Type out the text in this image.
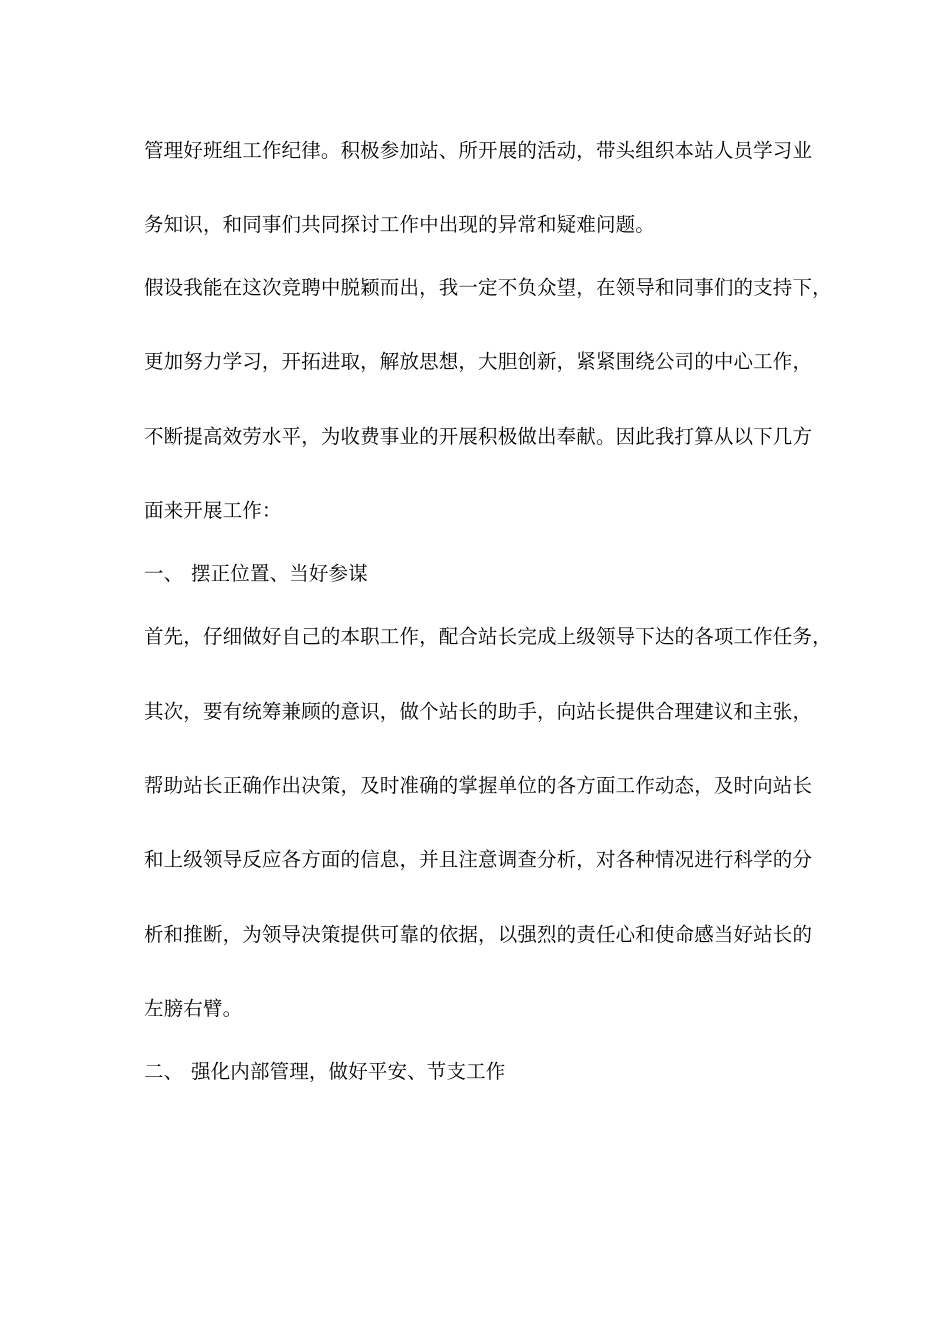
管理好班组工作纪律。积极参加站、所开展的活动，带头组织本站人员学习业
务知识，和同事们共同探讨工作中出现的异常和疑难问题。
假设我能在这次竞聘中脱颖而出，我一定不负众望，在领导和同事们的支持下，
更加努力学习，开拓进取，解放思想，大胆创新，紧紧围绕公司的中心工作，
不断提高效劳水平，为收费事业的开展积极做出奉献。因此我打算从以下几方
面来开展工作：
一、 摆正位置、当好参谋
首先，仔细做好自己的本职工作，配合站长完成上级领导下达的各项工作任务，
其次，要有统筹兼顾的意识，做个站长的助手，向站长提供合理建议和主张，
帮助站长正确作出决策，及时准确的掌握单位的各方面工作动态，及时向站长
和上级领导反应各方面的信息，并且注意调查分析，对各种情况进行科学的分
析和推断，为领导决策提供可靠的依据，以强烈的责任心和使命感当好站长的
左膀右臂。
二、 强化内部管理，做好平安、节支工作
